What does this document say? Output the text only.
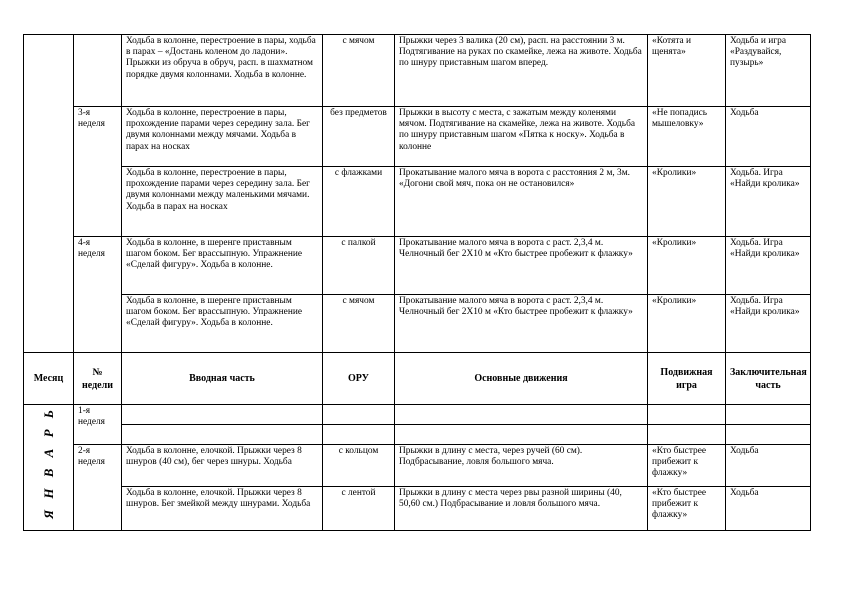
		Ходьба в колонне, перестроение в пары, ходьба в парах – «Достань коленом до ладони». Прыжки из обруча в обруч, расп. в шахматном порядке двумя колоннами. Ходьба в колонне.	с мячом	Прыжки через 3 валика (20 см), расп. на расстоянии 3 м. Подтягивание на руках по скамейке, лежа на животе. Ходьба по шнуру приставным шагом вперед.	«Котята и щенята»	Ходьба и игра «Раздувайся, пузырь»
	3-я неделя	Ходьба в колонне, перестроение в пары, прохождение парами через середину зала. Бег двумя колоннами между мячами. Ходьба в парах на носках	без предметов	Прыжки в высоту с места, с зажатым между коленями мячом. Подтягивание на скамейке, лежа на животе. Ходьба по шнуру приставным шагом «Пятка к носку». Ходьба в колонне	«Не попадись мышеловку»	Ходьба
		Ходьба в колонне, перестроение в пары, прохождение парами через середину зала. Бег двумя колоннами между маленькими мячами. Ходьба в парах на носках	с флажками	Прокатывание малого мяча в ворота с расстояния 2 м, 3м. «Догони свой мяч, пока он не остановился»	«Кролики»	Ходьба. Игра «Найди кролика»
	4-я неделя	Ходьба в колонне, в шеренге приставным шагом боком. Бег врассыпную. Упражнение «Сделай фигуру». Ходьба в колонне.	с палкой	Прокатывание малого мяча в ворота с раст. 2,3,4 м. Челночный бег 2Х10 м «Кто быстрее пробежит к флажку»	«Кролики»	Ходьба. Игра «Найди кролика»
		Ходьба в колонне, в шеренге приставным шагом боком. Бег врассыпную. Упражнение «Сделай фигуру». Ходьба в колонне.	с мячом	Прокатывание малого мяча в ворота с раст. 2,3,4 м. Челночный бег 2Х10 м «Кто быстрее пробежит к флажку»	«Кролики»	Ходьба. Игра «Найди кролика»
Месяц	№ недели	Вводная часть	ОРУ	Основные движения	Подвижная игра	Заключительная часть
Я Н В А Р Ь	1-я неделя					

	2-я неделя	Ходьба в колонне, елочкой. Прыжки через 8 шнуров (40 см), бег через шнуры. Ходьба	с кольцом	Прыжки в длину с места, через ручей (60 см). Подбрасывание, ловля большого мяча.	«Кто быстрее прибежит к флажку»	Ходьба
		Ходьба в колонне, елочкой. Прыжки через 8 шнуров. Бег змейкой между шнурами. Ходьба	с лентой	Прыжки в длину с места через рвы разной ширины (40, 50,60 см.) Подбрасывание и ловля большого мяча.	«Кто быстрее прибежит к флажку»	Ходьба
